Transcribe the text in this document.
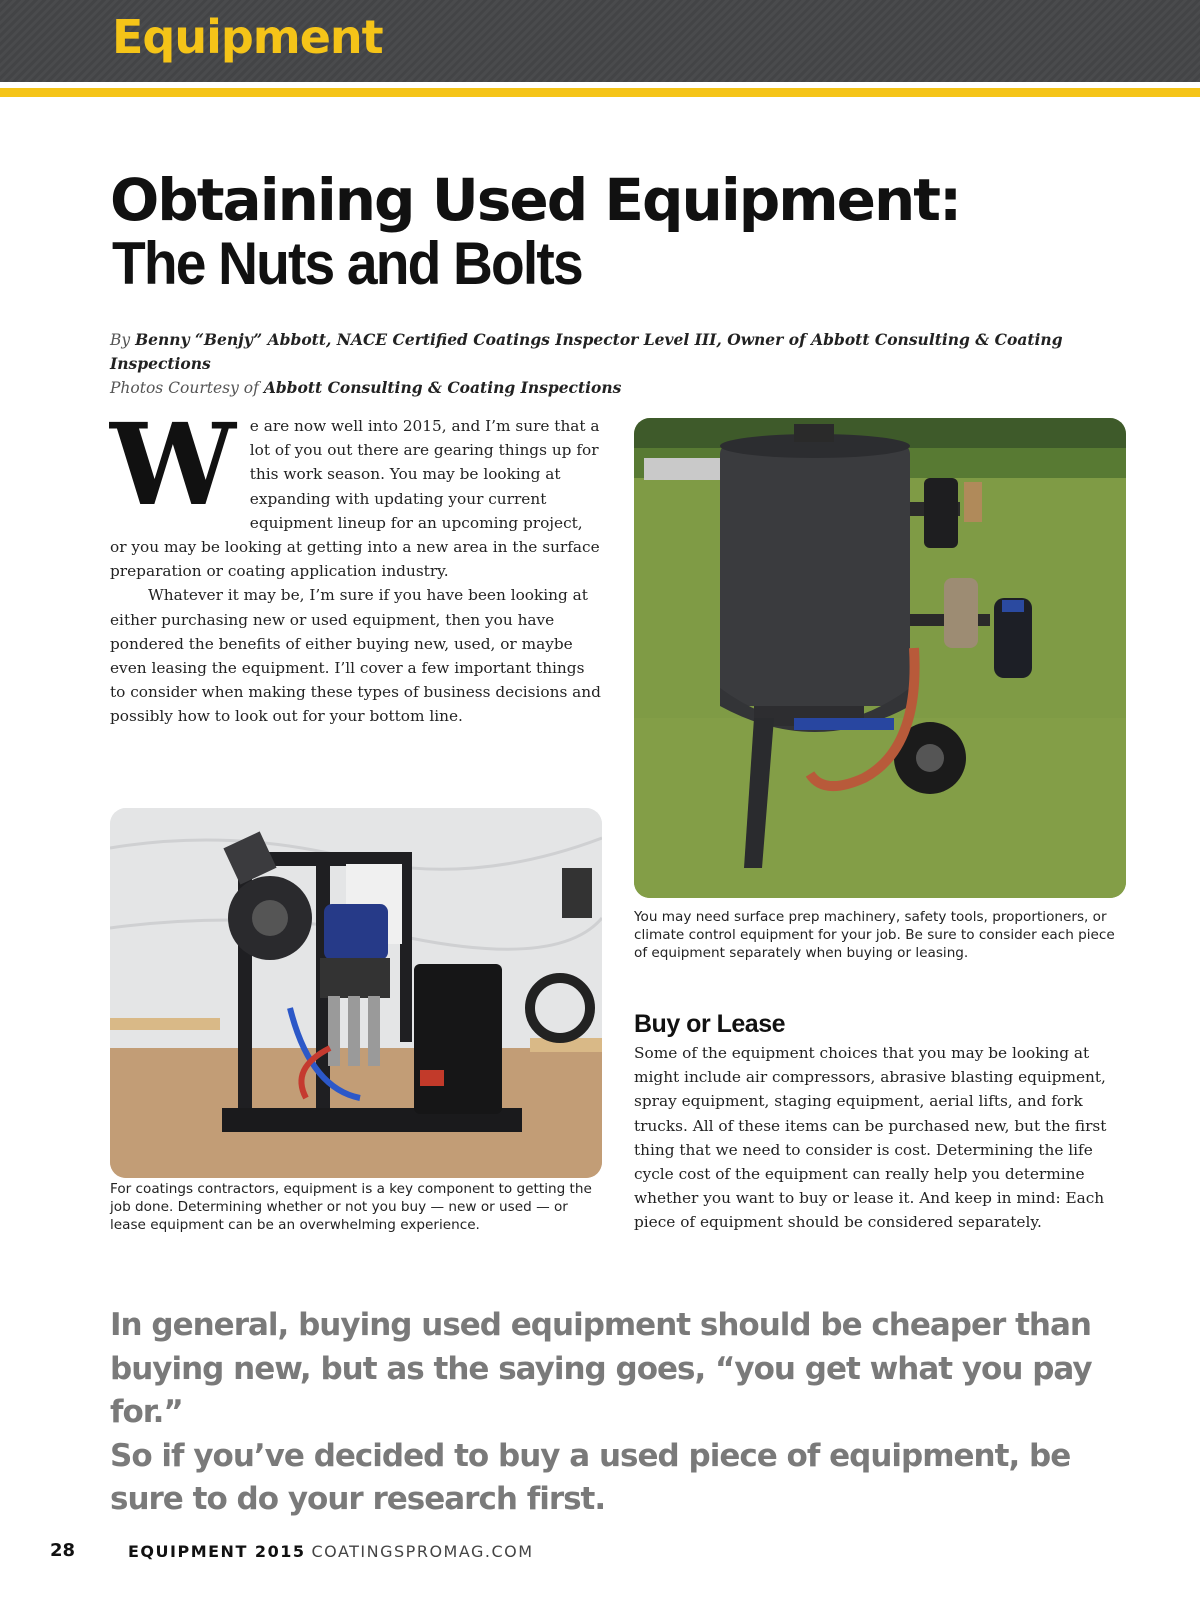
Equipment
Obtaining Used Equipment:
The Nuts and Bolts
By Benny “Benjy” Abbott, NACE Certified Coatings Inspector Level III, Owner of Abbott Consulting & Coating Inspections
Photos Courtesy of Abbott Consulting & Coating Inspections

We are now well into 2015, and I’m sure that a lot of you out there are gearing things up for this work season. You may be looking at expanding with updating your current equipment lineup for an upcoming project, or you may be looking at getting into a new area in the surface preparation or coating application industry.

Whatever it may be, I’m sure if you have been looking at either purchasing new or used equipment, then you have pondered the benefits of either buying new, used, or maybe even leasing the equipment. I’ll cover a few important things to consider when making these types of business decisions and possibly how to look out for your bottom line.

You may need surface prep machinery, safety tools, proportioners, or climate control equipment for your job. Be sure to consider each piece of equipment separately when buying or leasing.
For coatings contractors, equipment is a key component to getting the job done. Determining whether or not you buy — new or used — or lease equipment can be an overwhelming experience.
Buy or Lease

Some of the equipment choices that you may be looking at might include air compressors, abrasive blasting equipment, spray equipment, staging equipment, aerial lifts, and fork trucks. All of these items can be purchased new, but the first thing that we need to consider is cost. Determining the life cycle cost of the equipment can really help you determine whether you want to buy or lease it. And keep in mind: Each piece of equipment should be considered separately.

In general, buying used equipment should be cheaper than buying new, but as the saying goes, “you get what you pay for.”
So if you’ve decided to buy a used piece of equipment, be sure to do your research first.
28	EQUIPMENT 2015 COATINGSPROMAG.COM
